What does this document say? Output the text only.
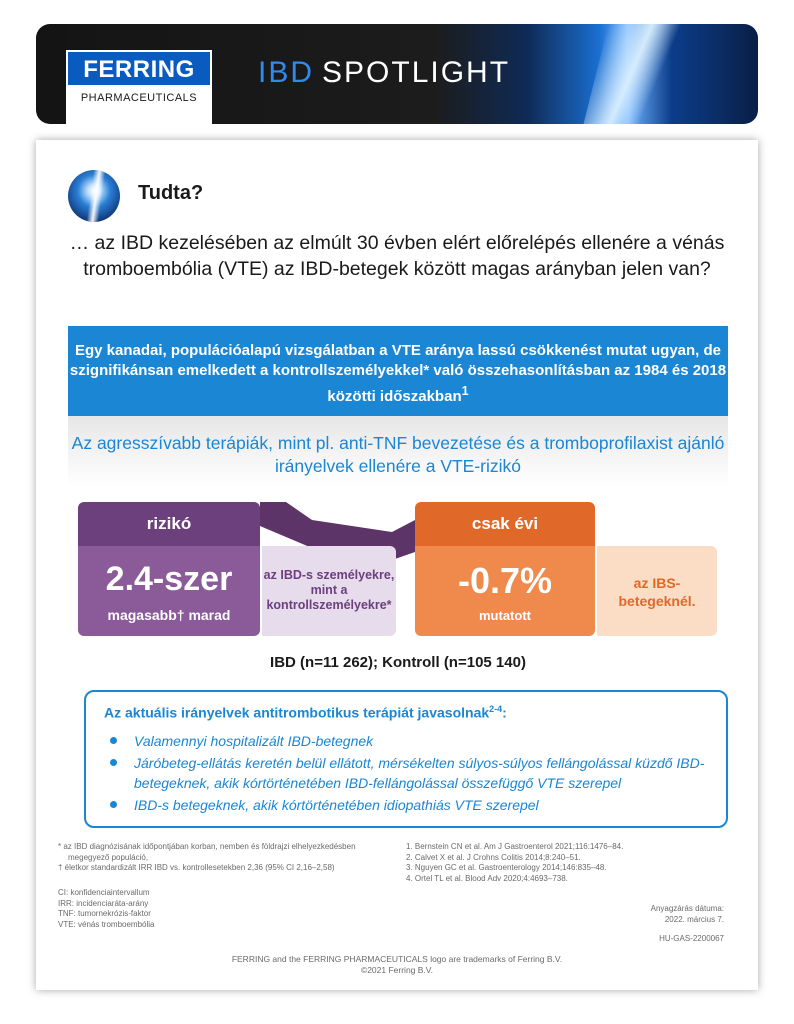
FERRING
PHARMACEUTICALS
IBD SPOTLIGHT
Tudta?
… az IBD kezelésében az elmúlt 30 évben elért előrelépés ellenére a vénás tromboembólia (VTE) az IBD-betegek között magas arányban jelen van?
Egy kanadai, populációalapú vizsgálatban a VTE aránya lassú csökkenést mutat ugyan, de szignifikánsan emelkedett a kontrollszemélyekkel* való összehasonlításban az 1984 és 2018 közötti időszakban$^1$
Az agresszívabb terápiák, mint pl. anti-TNF bevezetése és a tromboprofilaxist ajánló irányelvek ellenére a VTE-rizikó
rizikó
2.4-szer
magasabb† marad
az IBD-s személyekre, mint a kontrollszemélyekre*
csak évi
-0.7%
mutatott
az IBS-betegeknél.
IBD (n=11 262); Kontroll (n=105 140)
Az aktuális irányelvek antitrombotikus terápiát javasolnak$^{2-4}$:
Valamennyi hospitalizált IBD-betegnek
Járóbeteg-ellátás keretén belül ellátott, mérsékelten súlyos-súlyos fellángolással küzdő IBD-betegeknek, akik kórtörténetében IBD-fellángolással összefüggő VTE szerepel
IBD-s betegeknek, akik kórtörténetében idiopathiás VTE szerepel
* az IBD diagnózisának időpontjában korban, nemben és földrajzi elhelyezkedésben megegyező populáció,
† életkor standardizált IRR IBD vs. kontrollesetekben 2,36 (95% CI 2,16–2,58)
CI: konfidenciaintervallum
IRR: incidenciaráta-arány
TNF: tumornekrózis-faktor
VTE: vénás tromboembólia
1. Bernstein CN et al. Am J Gastroenterol 2021;116:1476–84.
2. Calvet X et al. J Crohns Colitis 2014;8:240–51.
3. Nguyen GC et al. Gastroenterology 2014;146:835–48.
4. Ortel TL et al. Blood Adv 2020;4:4693–738.
Anyagzárás dátuma:
2022. március 7.
HU-GAS-2200067
FERRING and the FERRING PHARMACEUTICALS logo are trademarks of Ferring B.V.
©2021 Ferring B.V.
